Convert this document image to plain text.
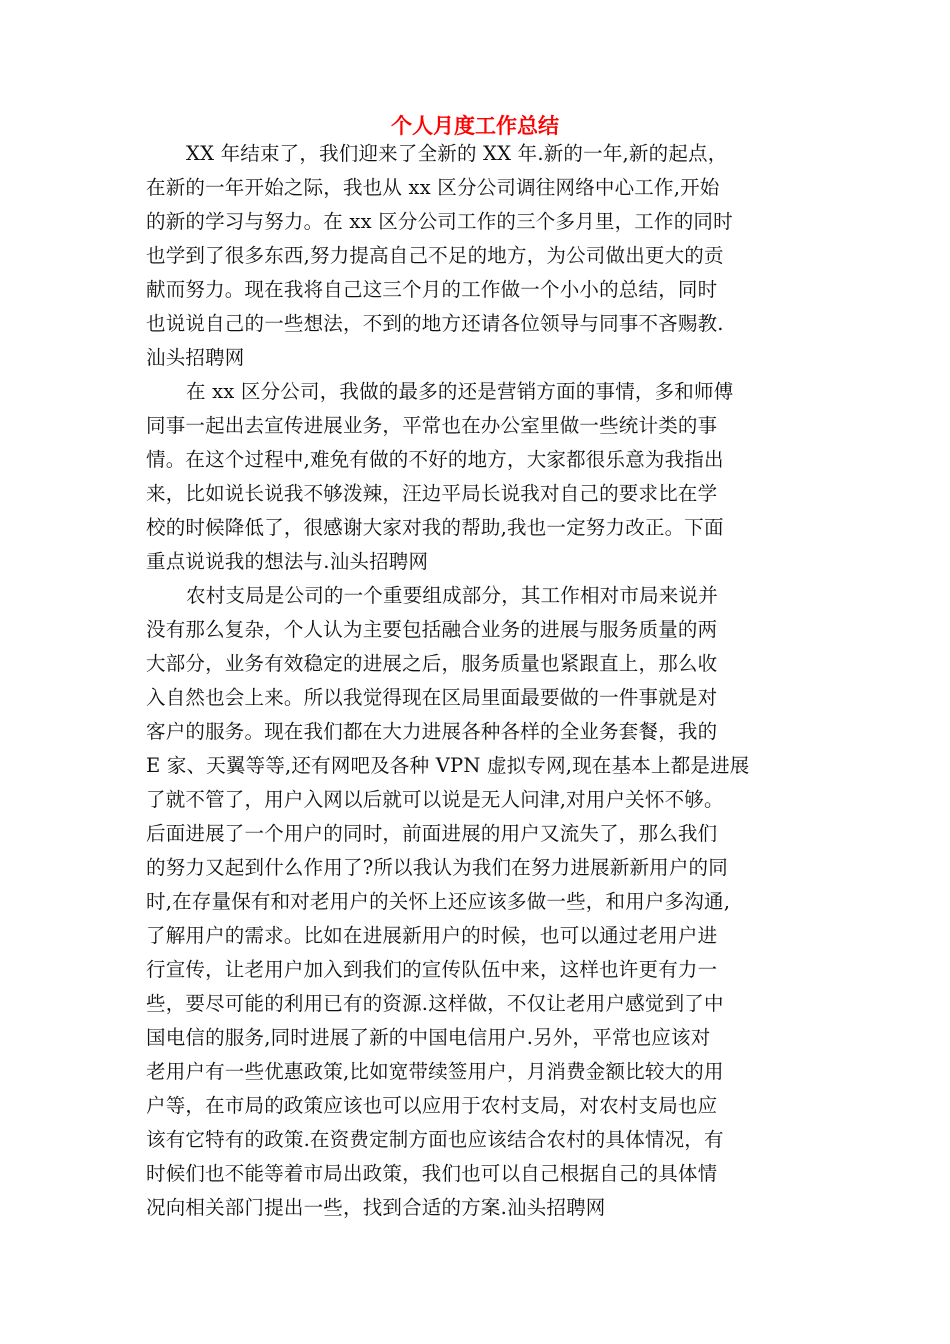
个人月度工作总结

XX 年结束了，我们迎来了全新的 XX 年.新的一年,新的起点，
在新的一年开始之际，我也从 xx 区分公司调往网络中心工作,开始
的新的学习与努力。在 xx 区分公司工作的三个多月里，工作的同时
也学到了很多东西,努力提高自己不足的地方，为公司做出更大的贡
献而努力。现在我将自己这三个月的工作做一个小小的总结，同时
也说说自己的一些想法，不到的地方还请各位领导与同事不吝赐教.
汕头招聘网

在 xx 区分公司，我做的最多的还是营销方面的事情，多和师傅
同事一起出去宣传进展业务，平常也在办公室里做一些统计类的事
情。在这个过程中,难免有做的不好的地方，大家都很乐意为我指出
来，比如说长说我不够泼辣，汪边平局长说我对自己的要求比在学
校的时候降低了，很感谢大家对我的帮助,我也一定努力改正。下面
重点说说我的想法与.汕头招聘网

农村支局是公司的一个重要组成部分，其工作相对市局来说并
没有那么复杂，个人认为主要包括融合业务的进展与服务质量的两
大部分，业务有效稳定的进展之后，服务质量也紧跟直上，那么收
入自然也会上来。所以我觉得现在区局里面最要做的一件事就是对
客户的服务。现在我们都在大力进展各种各样的全业务套餐，我的
E 家、天翼等等,还有网吧及各种 VPN 虚拟专网,现在基本上都是进展
了就不管了，用户入网以后就可以说是无人问津,对用户关怀不够。
后面进展了一个用户的同时，前面进展的用户又流失了，那么我们
的努力又起到什么作用了?所以我认为我们在努力进展新新用户的同
时,在存量保有和对老用户的关怀上还应该多做一些，和用户多沟通,
了解用户的需求。比如在进展新用户的时候，也可以通过老用户进
行宣传，让老用户加入到我们的宣传队伍中来，这样也许更有力一
些，要尽可能的利用已有的资源.这样做，不仅让老用户感觉到了中
国电信的服务,同时进展了新的中国电信用户.另外，平常也应该对
老用户有一些优惠政策,比如宽带续签用户，月消费金额比较大的用
户等，在市局的政策应该也可以应用于农村支局，对农村支局也应
该有它特有的政策.在资费定制方面也应该结合农村的具体情况，有
时候们也不能等着市局出政策，我们也可以自己根据自己的具体情
况向相关部门提出一些，找到合适的方案.汕头招聘网
